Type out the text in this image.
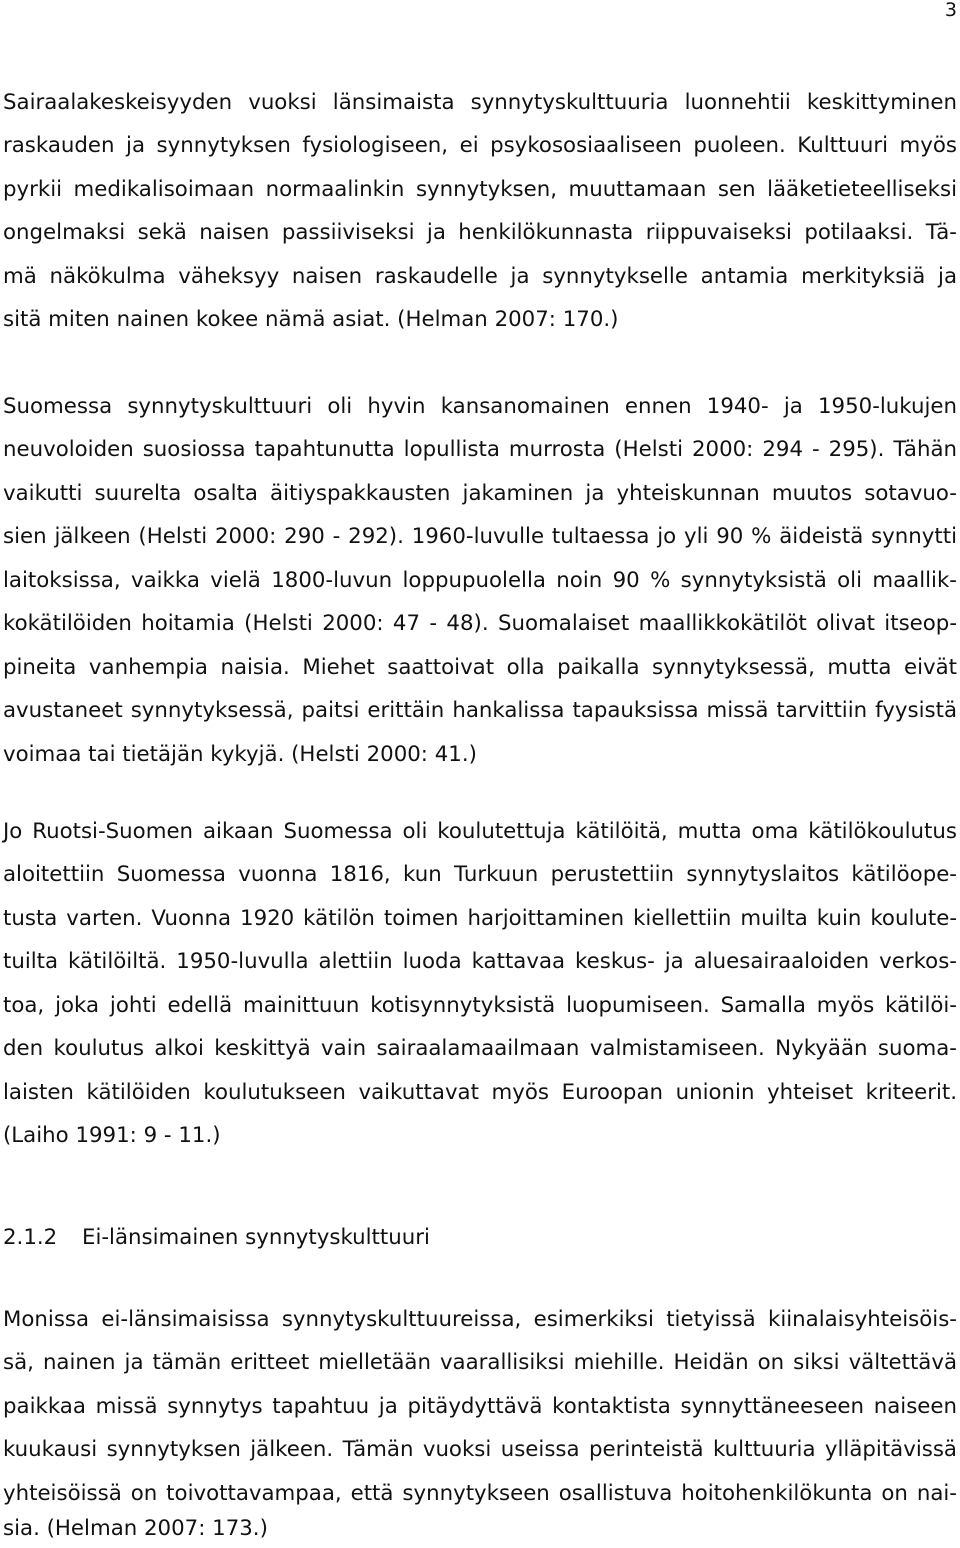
3
Sairaalakeskeisyyden vuoksi länsimaista synnytyskulttuuria luonnehtii keskittyminen
raskauden ja synnytyksen fysiologiseen, ei psykososiaaliseen puoleen. Kulttuuri myös
pyrkii medikalisoimaan normaalinkin synnytyksen, muuttamaan sen lääketieteelliseksi
ongelmaksi sekä naisen passiiviseksi ja henkilökunnasta riippuvaiseksi potilaaksi. Tä-
mä näkökulma väheksyy naisen raskaudelle ja synnytykselle antamia merkityksiä ja
sitä miten nainen kokee nämä asiat. (Helman 2007: 170.)
Suomessa synnytyskulttuuri oli hyvin kansanomainen ennen 1940- ja 1950-lukujen
neuvoloiden suosiossa tapahtunutta lopullista murrosta (Helsti 2000: 294 - 295). Tähän
vaikutti suurelta osalta äitiyspakkausten jakaminen ja yhteiskunnan muutos sotavuo-
sien jälkeen (Helsti 2000: 290 - 292). 1960-luvulle tultaessa jo yli 90 % äideistä synnytti
laitoksissa, vaikka vielä 1800-luvun loppupuolella noin 90 % synnytyksistä oli maallik-
kokätilöiden hoitamia (Helsti 2000: 47 - 48). Suomalaiset maallikkokätilöt olivat itseop-
pineita vanhempia naisia. Miehet saattoivat olla paikalla synnytyksessä, mutta eivät
avustaneet synnytyksessä, paitsi erittäin hankalissa tapauksissa missä tarvittiin fyysistä
voimaa tai tietäjän kykyjä. (Helsti 2000: 41.)
Jo Ruotsi-Suomen aikaan Suomessa oli koulutettuja kätilöitä, mutta oma kätilökoulutus
aloitettiin Suomessa vuonna 1816, kun Turkuun perustettiin synnytyslaitos kätilöope-
tusta varten. Vuonna 1920 kätilön toimen harjoittaminen kiellettiin muilta kuin koulute-
tuilta kätilöiltä. 1950-luvulla alettiin luoda kattavaa keskus- ja aluesairaaloiden verkos-
toa, joka johti edellä mainittuun kotisynnytyksistä luopumiseen. Samalla myös kätilöi-
den koulutus alkoi keskittyä vain sairaalamaailmaan valmistamiseen. Nykyään suoma-
laisten kätilöiden koulutukseen vaikuttavat myös Euroopan unionin yhteiset kriteerit.
(Laiho 1991: 9 - 11.)
2.1.2 Ei-länsimainen synnytyskulttuuri
Monissa ei-länsimaisissa synnytyskulttuureissa, esimerkiksi tietyissä kiinalaisyhteisöis-
sä, nainen ja tämän eritteet mielletään vaarallisiksi miehille. Heidän on siksi vältettävä
paikkaa missä synnytys tapahtuu ja pitäydyttävä kontaktista synnyttäneeseen naiseen
kuukausi synnytyksen jälkeen. Tämän vuoksi useissa perinteistä kulttuuria ylläpitävissä
yhteisöissä on toivottavampaa, että synnytykseen osallistuva hoitohenkilökunta on nai-
sia. (Helman 2007: 173.)
